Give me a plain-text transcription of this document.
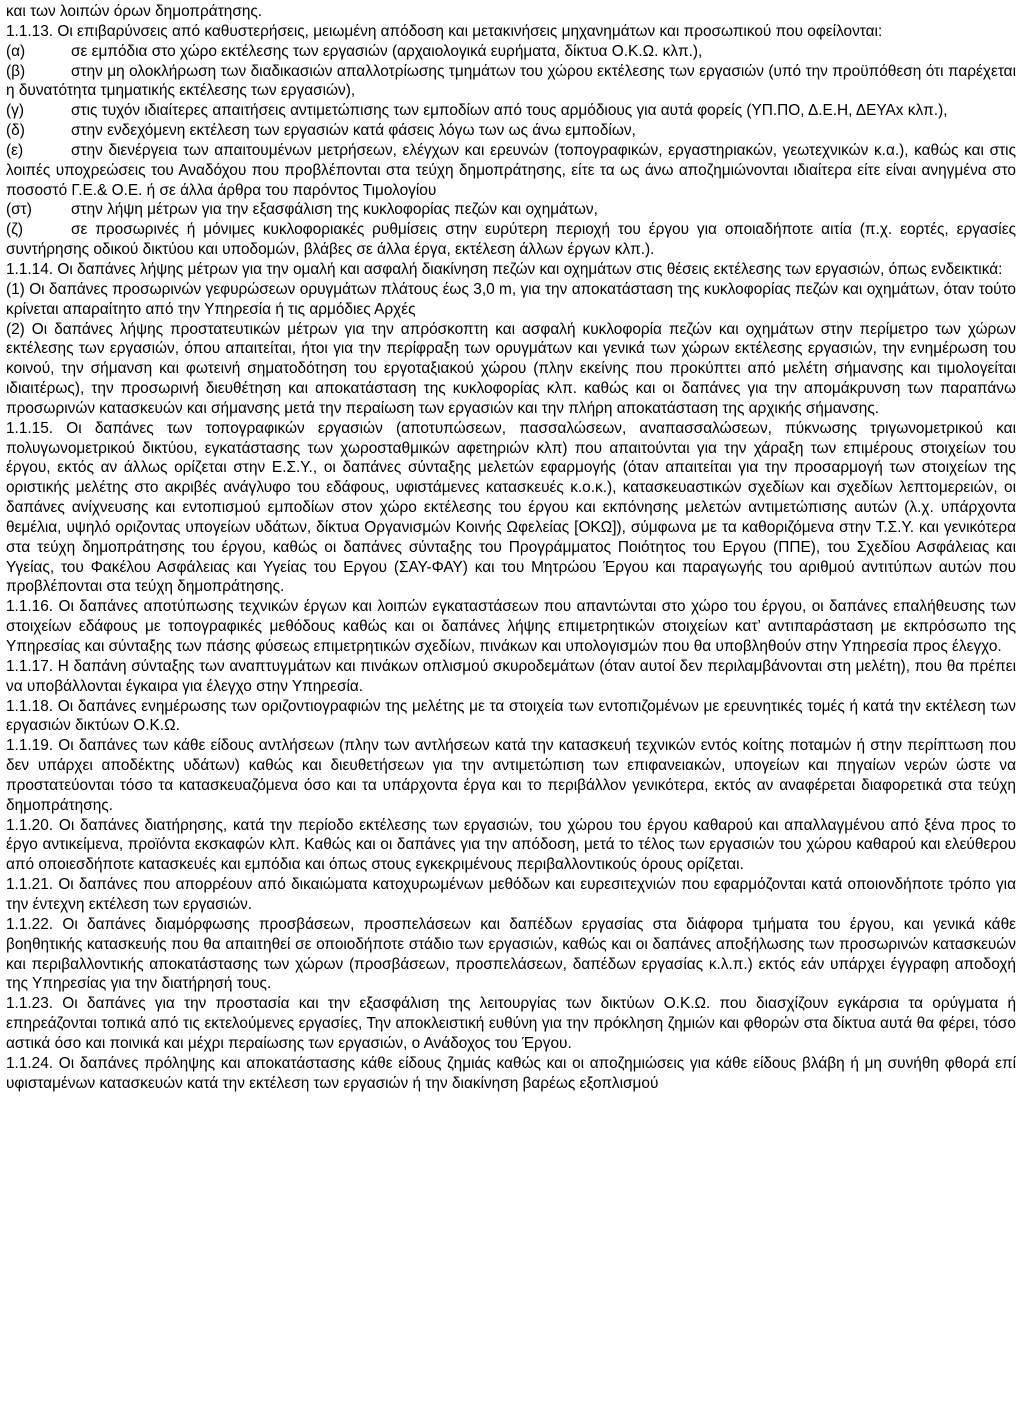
και των λοιπών όρων δημοπράτησης.

1.1.13. Οι επιβαρύνσεις από καθυστερήσεις, μειωμένη απόδοση και μετακινήσεις μηχανημάτων και προσωπικού που οφείλονται:

(α)	σε εμπόδια στο χώρο εκτέλεσης των εργασιών (αρχαιολογικά ευρήματα, δίκτυα Ο.Κ.Ω. κλπ.),

(β)	στην μη ολοκλήρωση των διαδικασιών απαλλοτρίωσης τμημάτων του χώρου εκτέλεσης των εργασιών (υπό την προϋπόθεση ότι παρέχεται η δυνατότητα τμηματικής εκτέλεσης των εργασιών),

(γ)	στις τυχόν ιδιαίτερες απαιτήσεις αντιμετώπισης των εμποδίων από τους αρμόδιους για αυτά φορείς (ΥΠ.ΠΟ, Δ.Ε.Η, ΔΕΥΑx κλπ.),

(δ)	στην ενδεχόμενη εκτέλεση των εργασιών κατά φάσεις λόγω των ως άνω εμποδίων,

(ε)	στην διενέργεια των απαιτουμένων μετρήσεων, ελέγχων και ερευνών (τοπογραφικών, εργαστηριακών, γεωτεχνικών κ.α.), καθώς και στις λοιπές υποχρεώσεις του Αναδόχου που προβλέπονται στα τεύχη δημοπράτησης, είτε τα ως άνω αποζημιώνονται ιδιαίτερα είτε είναι ανηγμένα στο ποσοστό Γ.Ε.& Ο.Ε. ή σε άλλα άρθρα του παρόντος Τιμολογίου

(στ)	στην λήψη μέτρων για την εξασφάλιση της κυκλοφορίας πεζών και οχημάτων,

(ζ)	σε προσωρινές ή μόνιμες κυκλοφοριακές ρυθμίσεις στην ευρύτερη περιοχή του έργου για οποιαδήποτε αιτία (π.χ. εορτές, εργασίες συντήρησης οδικού δικτύου και υποδομών, βλάβες σε άλλα έργα, εκτέλεση άλλων έργων κλπ.).

1.1.14. Οι δαπάνες λήψης μέτρων για την ομαλή και ασφαλή διακίνηση πεζών και οχημάτων στις θέσεις εκτέλεσης των εργασιών, όπως ενδεικτικά:

(1) Οι δαπάνες προσωρινών γεφυρώσεων ορυγμάτων πλάτους έως 3,0 m, για την αποκατάσταση της κυκλοφορίας πεζών και οχημάτων, όταν τούτο κρίνεται απαραίτητο από την Υπηρεσία ή τις αρμόδιες Αρχές

(2) Οι δαπάνες λήψης προστατευτικών μέτρων για την απρόσκοπτη και ασφαλή κυκλοφορία πεζών και οχημάτων στην περίμετρο των χώρων εκτέλεσης των εργασιών, όπου απαιτείται, ήτοι για την περίφραξη των ορυγμάτων και γενικά των χώρων εκτέλεσης εργασιών, την ενημέρωση του κοινού, την σήμανση και φωτεινή σηματοδότηση του εργοταξιακού χώρου (πλην εκείνης που προκύπτει από μελέτη σήμανσης και τιμολογείται ιδιαιτέρως), την προσωρινή διευθέτηση και αποκατάσταση της κυκλοφορίας κλπ. καθώς και οι δαπάνες για την απομάκρυνση των παραπάνω προσωρινών κατασκευών και σήμανσης μετά την περαίωση των εργασιών και την πλήρη αποκατάσταση της αρχικής σήμανσης.

1.1.15. Οι δαπάνες των τοπογραφικών εργασιών (αποτυπώσεων, πασσαλώσεων, αναπασσαλώσεων, πύκνωσης τριγωνομετρικού και πολυγωνομετρικού δικτύου, εγκατάστασης των χωροσταθμικών αφετηριών κλπ) που απαιτούνται για την χάραξη των επιμέρους στοιχείων του έργου, εκτός αν άλλως ορίζεται στην Ε.Σ.Υ., οι δαπάνες σύνταξης μελετών εφαρμογής (όταν απαιτείται για την προσαρμογή των στοιχείων της οριστικής μελέτης στο ακριβές ανάγλυφο του εδάφους, υφιστάμενες κατασκευές κ.ο.κ.), κατασκευαστικών σχεδίων και σχεδίων λεπτομερειών, οι δαπάνες ανίχνευσης και εντοπισμού εμποδίων στον χώρο εκτέλεσης του έργου και εκπόνησης μελετών αντιμετώπισης αυτών (λ.χ. υπάρχοντα θεμέλια, υψηλό οριζοντας υπογείων υδάτων, δίκτυα Οργανισμών Κοινής Ωφελείας [ΟΚΩ]), σύμφωνα με τα καθοριζόμενα στην Τ.Σ.Υ. και γενικότερα στα τεύχη δημοπράτησης του έργου, καθώς οι δαπάνες σύνταξης του Προγράμματος Ποιότητος του Εργου (ΠΠΕ), του Σχεδίου Ασφάλειας και Υγείας, του Φακέλου Ασφάλειας και Υγείας του Εργου (ΣΑΥ-ΦΑΥ) και του Μητρώου Έργου και παραγωγής του αριθμού αντιτύπων αυτών που προβλέπονται στα τεύχη δημοπράτησης.

1.1.16. Οι δαπάνες αποτύπωσης τεχνικών έργων και λοιπών εγκαταστάσεων που απαντώνται στο χώρο του έργου, οι δαπάνες επαλήθευσης των στοιχείων εδάφους με τοπογραφικές μεθόδους καθώς και οι δαπάνες λήψης επιμετρητικών στοιχείων κατ’ αντιπαράσταση με εκπρόσωπο της Υπηρεσίας και σύνταξης των πάσης φύσεως επιμετρητικών σχεδίων, πινάκων και υπολογισμών που θα υποβληθούν στην Υπηρεσία προς έλεγχο.

1.1.17. Η δαπάνη σύνταξης των αναπτυγμάτων και πινάκων οπλισμού σκυροδεμάτων (όταν αυτοί δεν περιλαμβάνονται στη μελέτη), που θα πρέπει να υποβάλλονται έγκαιρα για έλεγχο στην Υπηρεσία.

1.1.18. Οι δαπάνες ενημέρωσης των οριζοντιογραφιών της μελέτης με τα στοιχεία των εντοπιζομένων με ερευνητικές τομές ή κατά την εκτέλεση των εργασιών δικτύων Ο.Κ.Ω.

1.1.19. Οι δαπάνες των κάθε είδους αντλήσεων (πλην των αντλήσεων κατά την κατασκευή τεχνικών εντός κοίτης ποταμών ή στην περίπτωση που δεν υπάρχει αποδέκτης υδάτων) καθώς και διευθετήσεων για την αντιμετώπιση των επιφανειακών, υπογείων και πηγαίων νερών ώστε να προστατεύονται τόσο τα κατασκευαζόμενα όσο και τα υπάρχοντα έργα και το περιβάλλον γενικότερα, εκτός αν αναφέρεται διαφορετικά στα τεύχη δημοπράτησης.

1.1.20. Οι δαπάνες διατήρησης, κατά την περίοδο εκτέλεσης των εργασιών, του χώρου του έργου καθαρού και απαλλαγμένου από ξένα προς το έργο αντικείμενα, προϊόντα εκσκαφών κλπ. Καθώς και οι δαπάνες για την απόδοση, μετά το τέλος των εργασιών του χώρου καθαρού και ελεύθερου από οποιεσδήποτε κατασκευές και εμπόδια και όπως στους εγκεκριμένους περιβαλλοντικούς όρους ορίζεται.

1.1.21. Οι δαπάνες που απορρέουν από δικαιώματα κατοχυρωμένων μεθόδων και ευρεσιτεχνιών που εφαρμόζονται κατά οποιονδήποτε τρόπο για την έντεχνη εκτέλεση των εργασιών.

1.1.22. Οι δαπάνες διαμόρφωσης προσβάσεων, προσπελάσεων και δαπέδων εργασίας στα διάφορα τμήματα του έργου, και γενικά κάθε βοηθητικής κατασκευής που θα απαιτηθεί σε οποιοδήποτε στάδιο των εργασιών, καθώς και οι δαπάνες αποξήλωσης των προσωρινών κατασκευών και περιβαλλοντικής αποκατάστασης των χώρων (προσβάσεων, προσπελάσεων, δαπέδων εργασίας κ.λ.π.) εκτός εάν υπάρχει έγγραφη αποδοχή της Υπηρεσίας για την διατήρησή τους.

1.1.23. Οι δαπάνες για την προστασία και την εξασφάλιση της λειτουργίας των δικτύων Ο.Κ.Ω. που διασχίζουν εγκάρσια τα ορύγματα ή επηρεάζονται τοπικά από τις εκτελούμενες εργασίες, Την αποκλειστική ευθύνη για την πρόκληση ζημιών και φθορών στα δίκτυα αυτά θα φέρει, τόσο αστικά όσο και ποινικά και μέχρι περαίωσης των εργασιών, ο Ανάδοχος του Έργου.

1.1.24. Οι δαπάνες πρόληψης και αποκατάστασης κάθε είδους ζημιάς καθώς και οι αποζημιώσεις για κάθε είδους βλάβη ή μη συνήθη φθορά επί υφισταμένων κατασκευών κατά την εκτέλεση των εργασιών ή την διακίνηση βαρέως εξοπλισμού
